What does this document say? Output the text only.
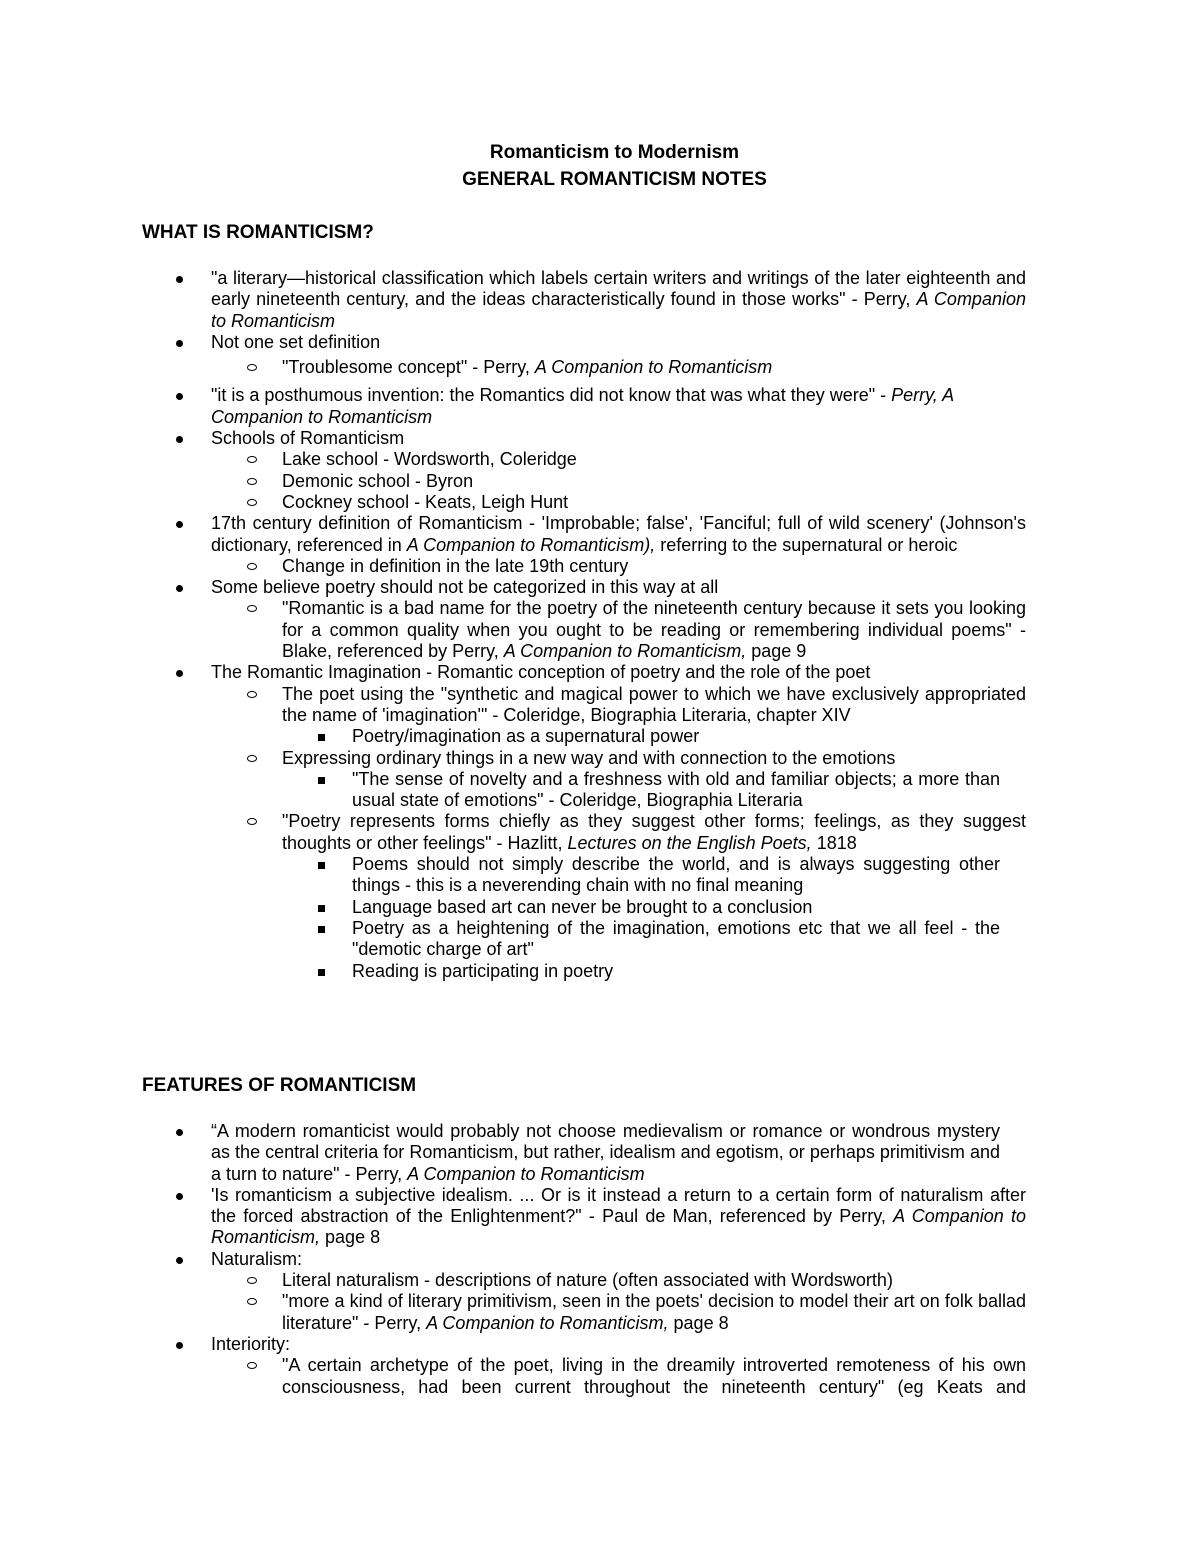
Romanticism to Modernism
GENERAL ROMANTICISM NOTES
WHAT IS ROMANTICISM?
"a literary—historical classification which labels certain writers and writings of the later eighteenth and early nineteenth century, and the ideas characteristically found in those works" - Perry, A Companion to Romanticism
Not one set definition
"Troublesome concept" - Perry, A Companion to Romanticism
"it is a posthumous invention: the Romantics did not know that was what they were" - Perry, A Companion to Romanticism
Schools of Romanticism
Lake school - Wordsworth, Coleridge
Demonic school - Byron
Cockney school - Keats, Leigh Hunt
17th century definition of Romanticism - 'Improbable; false', 'Fanciful; full of wild scenery' (Johnson's dictionary, referenced in A Companion to Romanticism), referring to the supernatural or heroic
Change in definition in the late 19th century
Some believe poetry should not be categorized in this way at all
"Romantic is a bad name for the poetry of the nineteenth century because it sets you looking for a common quality when you ought to be reading or remembering individual poems" - Blake, referenced by Perry, A Companion to Romanticism, page 9
The Romantic Imagination - Romantic conception of poetry and the role of the poet
The poet using the "synthetic and magical power to which we have exclusively appropriated the name of 'imagination'" - Coleridge, Biographia Literaria, chapter XIV
Poetry/imagination as a supernatural power
Expressing ordinary things in a new way and with connection to the emotions
"The sense of novelty and a freshness with old and familiar objects; a more than usual state of emotions" - Coleridge, Biographia Literaria
"Poetry represents forms chiefly as they suggest other forms; feelings, as they suggest thoughts or other feelings" - Hazlitt, Lectures on the English Poets, 1818
Poems should not simply describe the world, and is always suggesting other things - this is a neverending chain with no final meaning
Language based art can never be brought to a conclusion
Poetry as a heightening of the imagination, emotions etc that we all feel - the "demotic charge of art"
Reading is participating in poetry
FEATURES OF ROMANTICISM
“A modern romanticist would probably not choose medievalism or romance or wondrous mystery as the central criteria for Romanticism, but rather, idealism and egotism, or perhaps primitivism and a turn to nature" - Perry, A Companion to Romanticism
'Is romanticism a subjective idealism. ... Or is it instead a return to a certain form of naturalism after the forced abstraction of the Enlightenment?" - Paul de Man, referenced by Perry, A Companion to Romanticism, page 8
Naturalism:
Literal naturalism - descriptions of nature (often associated with Wordsworth)
"more a kind of literary primitivism, seen in the poets' decision to model their art on folk ballad literature" - Perry, A Companion to Romanticism, page 8
Interiority:
"A certain archetype of the poet, living in the dreamily introverted remoteness of his own consciousness, had been current throughout the nineteenth century" (eg Keats and
